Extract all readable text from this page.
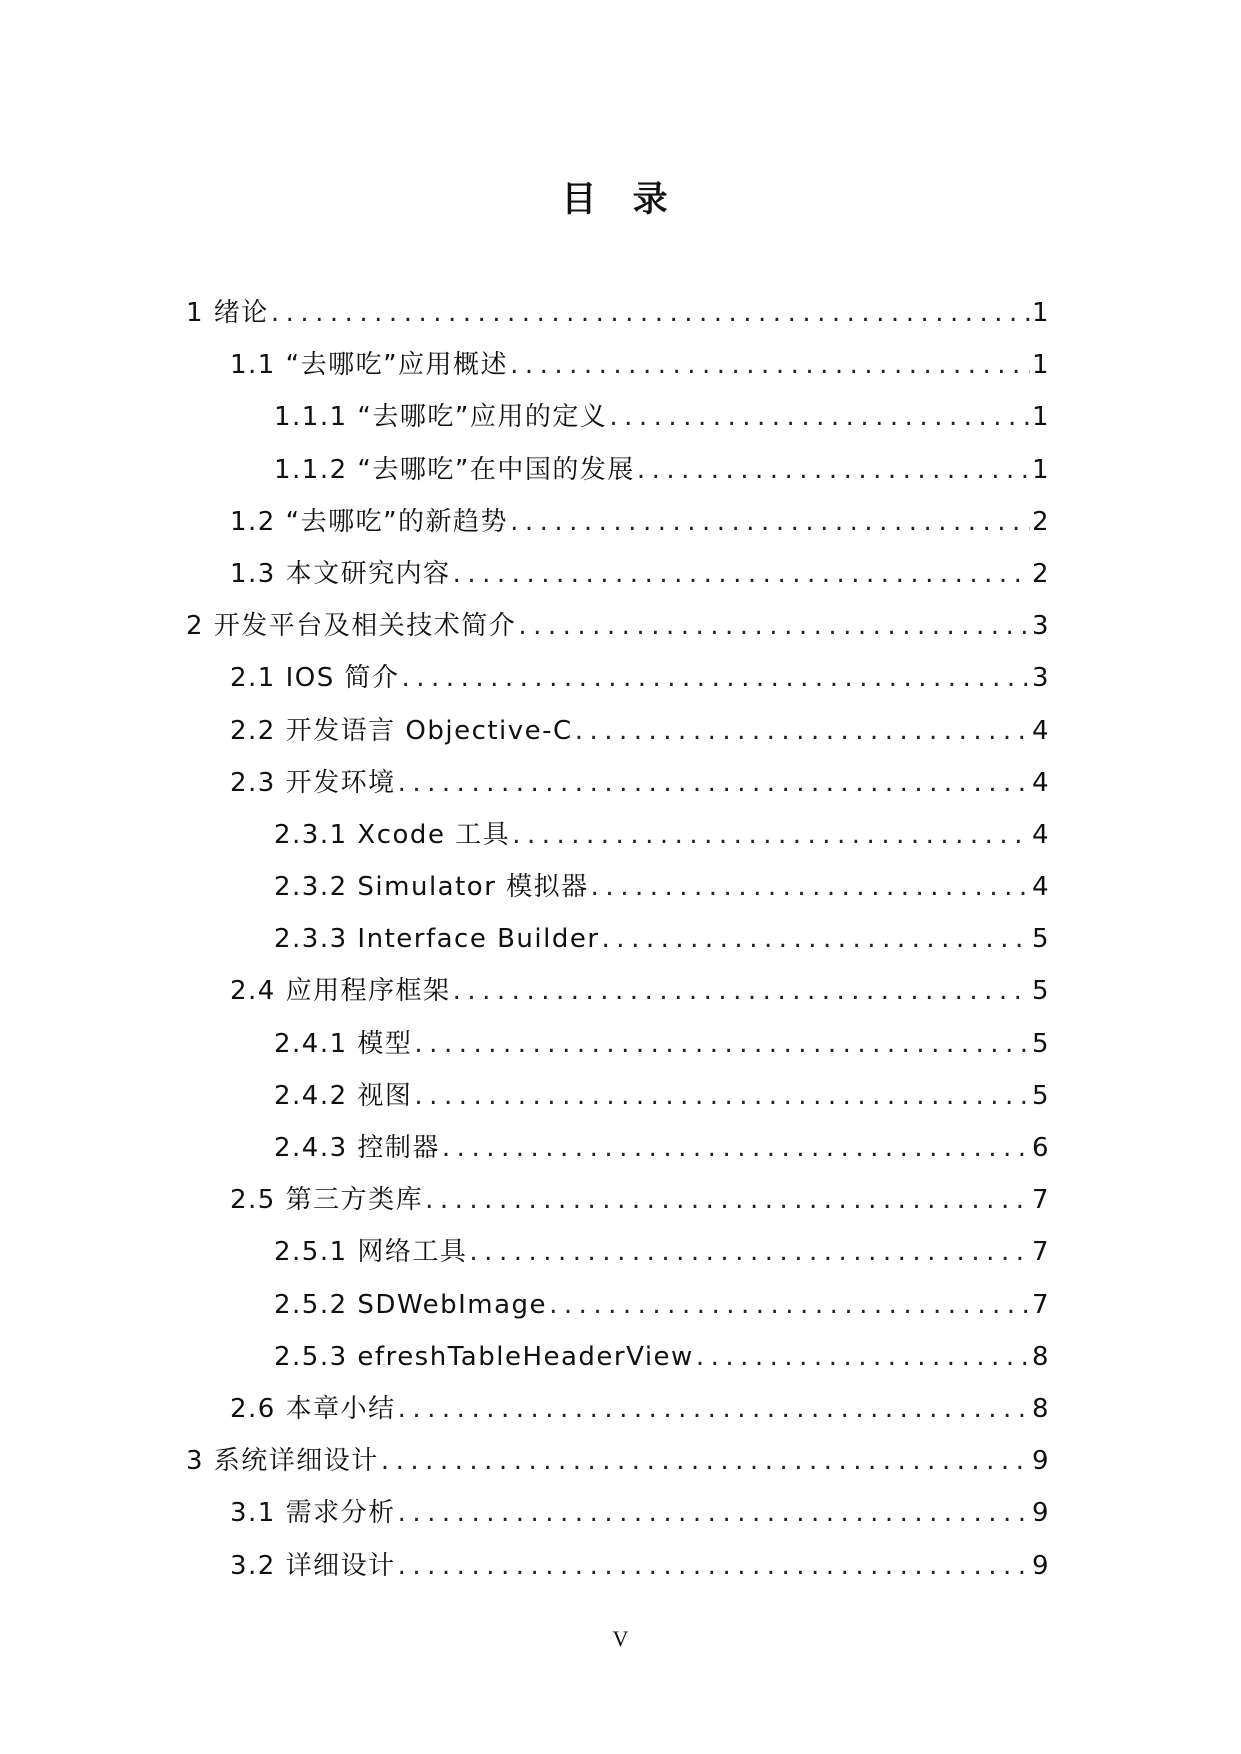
目 录
1 绪论 .....	1
1.1 “去哪吃”应用概述 .....	1
1.1.1 “去哪吃”应用的定义 .....	1
1.1.2 “去哪吃”在中国的发展 .....	1
1.2 “去哪吃”的新趋势 .....	2
1.3 本文研究内容 .....	2
2 开发平台及相关技术简介 .....	3
2.1 IOS 简介 .....	3
2.2 开发语言 Objective-C .....	4
2.3 开发环境 .....	4
2.3.1 Xcode 工具 .....	4
2.3.2 Simulator 模拟器 .....	4
2.3.3 Interface Builder .....	5
2.4 应用程序框架 .....	5
2.4.1 模型 .....	5
2.4.2 视图 .....	5
2.4.3 控制器 .....	6
2.5 第三方类库 .....	7
2.5.1 网络工具 .....	7
2.5.2 SDWebImage .....	7
2.5.3 efreshTableHeaderView .....	8
2.6 本章小结 .....	8
3 系统详细设计 .....	9
3.1 需求分析 .....	9
3.2 详细设计 .....	9
V
